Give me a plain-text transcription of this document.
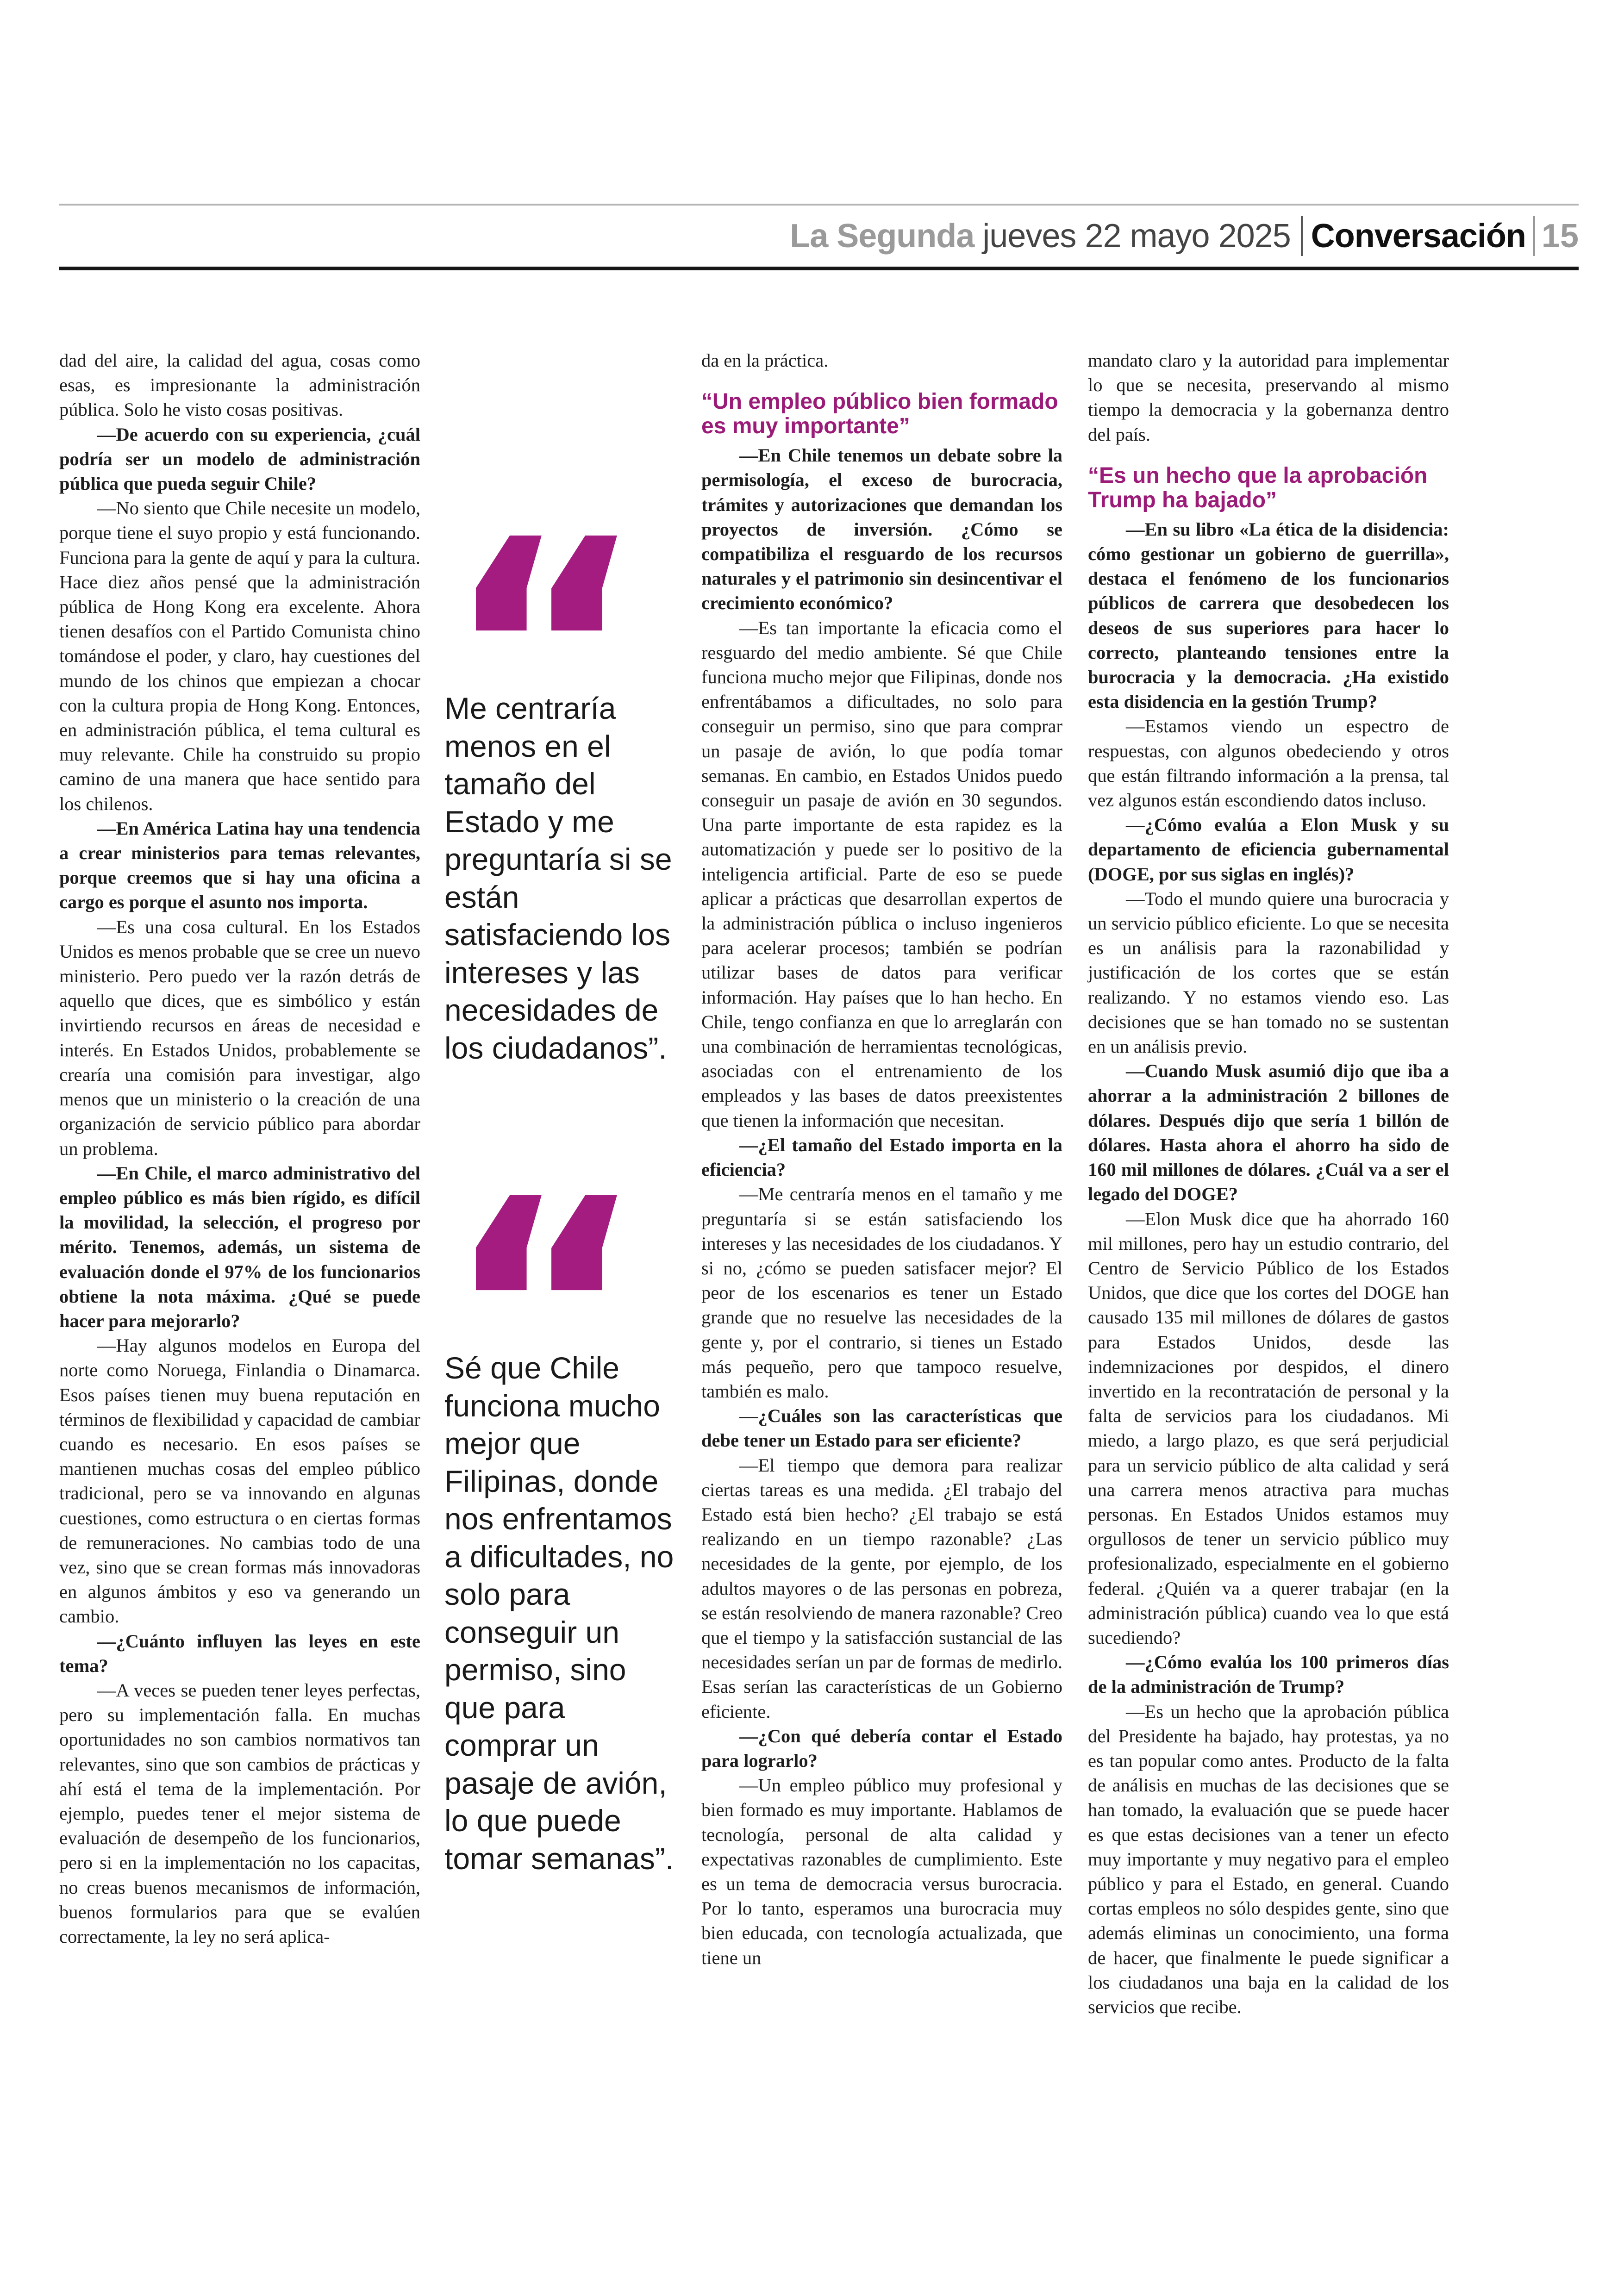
La Segunda jueves 22 mayo 2025 Conversación 15

dad del aire, la calidad del agua, cosas como esas, es impresionante la administración pública. Solo he visto cosas positivas.

—De acuerdo con su experiencia, ¿cuál podría ser un modelo de administración pública que pueda seguir Chile?

—No siento que Chile necesite un modelo, porque tiene el suyo propio y está funcionando. Funciona para la gente de aquí y para la cultura. Hace diez años pensé que la administración pública de Hong Kong era excelente. Ahora tienen desafíos con el Partido Comunista chino tomándose el poder, y claro, hay cuestiones del mundo de los chinos que empiezan a chocar con la cultura propia de Hong Kong. Entonces, en administración pública, el tema cultural es muy relevante. Chile ha construido su propio camino de una manera que hace sentido para los chilenos.

—En América Latina hay una tendencia a crear ministerios para temas relevantes, porque creemos que si hay una oficina a cargo es porque el asunto nos importa.

—Es una cosa cultural. En los Estados Unidos es menos probable que se cree un nuevo ministerio. Pero puedo ver la razón detrás de aquello que dices, que es simbólico y están invirtiendo recursos en áreas de necesidad e interés. En Estados Unidos, probablemente se crearía una comisión para investigar, algo menos que un ministerio o la creación de una organización de servicio público para abordar un problema.

—En Chile, el marco administrativo del empleo público es más bien rígido, es difícil la movilidad, la selección, el progreso por mérito. Tenemos, además, un sistema de evaluación donde el 97% de los funcionarios obtiene la nota máxima. ¿Qué se puede hacer para mejorarlo?

—Hay algunos modelos en Europa del norte como Noruega, Finlandia o Dinamarca. Esos países tienen muy buena reputación en términos de flexibilidad y capacidad de cambiar cuando es necesario. En esos países se mantienen muchas cosas del empleo público tradicional, pero se va innovando en algunas cuestiones, como estructura o en ciertas formas de remuneraciones. No cambias todo de una vez, sino que se crean formas más innovadoras en algunos ámbitos y eso va generando un cambio.

—¿Cuánto influyen las leyes en este tema?

—A veces se pueden tener leyes perfectas, pero su implementación falla. En muchas oportunidades no son cambios normativos tan relevantes, sino que son cambios de prácticas y ahí está el tema de la implementación. Por ejemplo, puedes tener el mejor sistema de evaluación de desempeño de los funcionarios, pero si en la implementación no los capacitas, no creas buenos mecanismos de información, buenos formularios para que se evalúen correctamente, la ley no será aplica-

Me centraría menos en el tamaño del Estado y me preguntaría si se están satisfaciendo los intereses y las necesidades de los ciudadanos”.
Sé que Chile funciona mucho mejor que Filipinas, donde nos enfrentamos a dificultades, no solo para conseguir un permiso, sino que para comprar un pasaje de avión, lo que puede tomar semanas”.

da en la práctica.

“Un empleo público bien formado es muy importante”

—En Chile tenemos un debate sobre la permisología, el exceso de burocracia, trámites y autorizaciones que demandan los proyectos de inversión. ¿Cómo se compatibiliza el resguardo de los recursos naturales y el patrimonio sin desincentivar el crecimiento económico?

—Es tan importante la eficacia como el resguardo del medio ambiente. Sé que Chile funciona mucho mejor que Filipinas, donde nos enfrentábamos a dificultades, no solo para conseguir un permiso, sino que para comprar un pasaje de avión, lo que podía tomar semanas. En cambio, en Estados Unidos puedo conseguir un pasaje de avión en 30 segundos. Una parte importante de esta rapidez es la automatización y puede ser lo positivo de la inteligencia artificial. Parte de eso se puede aplicar a prácticas que desarrollan expertos de la administración pública o incluso ingenieros para acelerar procesos; también se podrían utilizar bases de datos para verificar información. Hay países que lo han hecho. En Chile, tengo confianza en que lo arreglarán con una combinación de herramientas tecnológicas, asociadas con el entrenamiento de los empleados y las bases de datos preexistentes que tienen la información que necesitan.

—¿El tamaño del Estado importa en la eficiencia?

—Me centraría menos en el tamaño y me preguntaría si se están satisfaciendo los intereses y las necesidades de los ciudadanos. Y si no, ¿cómo se pueden satisfacer mejor? El peor de los escenarios es tener un Estado grande que no resuelve las necesidades de la gente y, por el contrario, si tienes un Estado más pequeño, pero que tampoco resuelve, también es malo.

—¿Cuáles son las características que debe tener un Estado para ser eficiente?

—El tiempo que demora para realizar ciertas tareas es una medida. ¿El trabajo del Estado está bien hecho? ¿El trabajo se está realizando en un tiempo razonable? ¿Las necesidades de la gente, por ejemplo, de los adultos mayores o de las personas en pobreza, se están resolviendo de manera razonable? Creo que el tiempo y la satisfacción sustancial de las necesidades serían un par de formas de medirlo. Esas serían las características de un Gobierno eficiente.

—¿Con qué debería contar el Estado para lograrlo?

—Un empleo público muy profesional y bien formado es muy importante. Hablamos de tecnología, personal de alta calidad y expectativas razonables de cumplimiento. Este es un tema de democracia versus burocracia. Por lo tanto, esperamos una burocracia muy bien educada, con tecnología actualizada, que tiene un

mandato claro y la autoridad para implementar lo que se necesita, preservando al mismo tiempo la democracia y la gobernanza dentro del país.

“Es un hecho que la aprobación Trump ha bajado”

—En su libro «La ética de la disidencia: cómo gestionar un gobierno de guerrilla», destaca el fenómeno de los funcionarios públicos de carrera que desobedecen los deseos de sus superiores para hacer lo correcto, planteando tensiones entre la burocracia y la democracia. ¿Ha existido esta disidencia en la gestión Trump?

—Estamos viendo un espectro de respuestas, con algunos obedeciendo y otros que están filtrando información a la prensa, tal vez algunos están escondiendo datos incluso.

—¿Cómo evalúa a Elon Musk y su departamento de eficiencia gubernamental (DOGE, por sus siglas en inglés)?

—Todo el mundo quiere una burocracia y un servicio público eficiente. Lo que se necesita es un análisis para la razonabilidad y justificación de los cortes que se están realizando. Y no estamos viendo eso. Las decisiones que se han tomado no se sustentan en un análisis previo.

—Cuando Musk asumió dijo que iba a ahorrar a la administración 2 billones de dólares. Después dijo que sería 1 billón de dólares. Hasta ahora el ahorro ha sido de 160 mil millones de dólares. ¿Cuál va a ser el legado del DOGE?

—Elon Musk dice que ha ahorrado 160 mil millones, pero hay un estudio contrario, del Centro de Servicio Público de los Estados Unidos, que dice que los cortes del DOGE han causado 135 mil millones de dólares de gastos para Estados Unidos, desde las indemnizaciones por despidos, el dinero invertido en la recontratación de personal y la falta de servicios para los ciudadanos. Mi miedo, a largo plazo, es que será perjudicial para un servicio público de alta calidad y será una carrera menos atractiva para muchas personas. En Estados Unidos estamos muy orgullosos de tener un servicio público muy profesionalizado, especialmente en el gobierno federal. ¿Quién va a querer trabajar (en la administración pública) cuando vea lo que está sucediendo?

—¿Cómo evalúa los 100 primeros días de la administración de Trump?

—Es un hecho que la aprobación pública del Presidente ha bajado, hay protestas, ya no es tan popular como antes. Producto de la falta de análisis en muchas de las decisiones que se han tomado, la evaluación que se puede hacer es que estas decisiones van a tener un efecto muy importante y muy negativo para el empleo público y para el Estado, en general. Cuando cortas empleos no sólo despides gente, sino que además eliminas un conocimiento, una forma de hacer, que finalmente le puede significar a los ciudadanos una baja en la calidad de los servicios que recibe.
